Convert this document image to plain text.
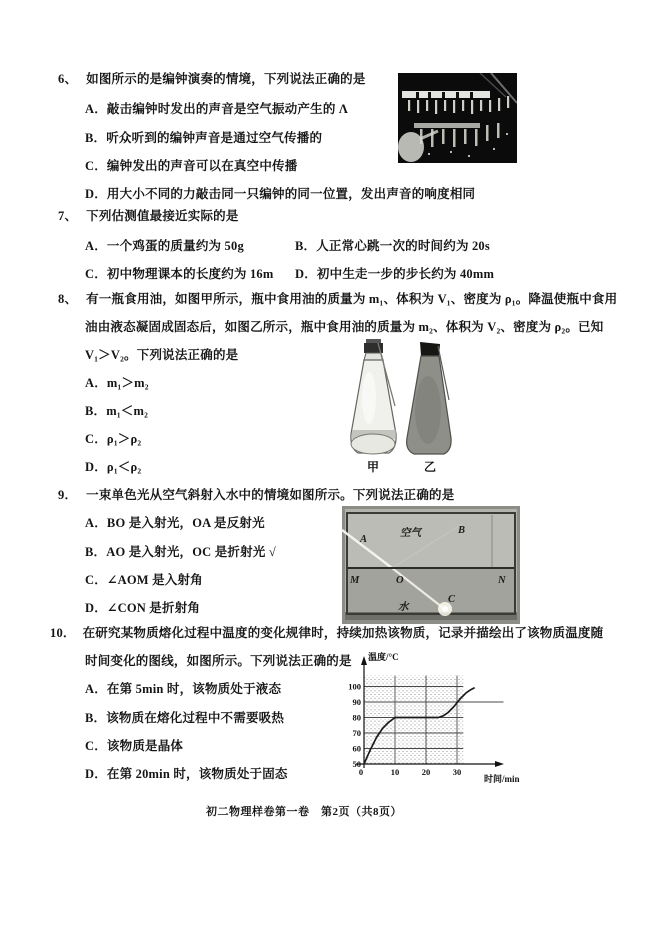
6、 如图所示的是编钟演奏的情境，下列说法正确的是
A．敲击编钟时发出的声音是空气振动产生的 Λ
B．听众听到的编钟声音是通过空气传播的
C．编钟发出的声音可以在真空中传播
D．用大小不同的力敲击同一只编钟的同一位置，发出声音的响度相同
7、 下列估测值最接近实际的是
A．一个鸡蛋的质量约为 50g	B．人正常心跳一次的时间约为 20s
C．初中物理课本的长度约为 16m D．初中生走一步的步长约为 40mm
8、 有一瓶食用油，如图甲所示，瓶中食用油的质量为 m₁、体积为 V₁、密度为 ρ₁。降温使瓶中食用
油由液态凝固成固态后，如图乙所示，瓶中食用油的质量为 m₂、体积为 V₂、密度为 ρ₂。已知
V₁＞V₂。下列说法正确的是
A．m₁＞m₂
B．m₁＜m₂
C．ρ₁＞ρ₂
D．ρ₁＜ρ₂	甲	乙
9． 一束单色光从空气斜射入水中的情境如图所示。下列说法正确的是
A．BO 是入射光，OA 是反射光
B．AO 是入射光，OC 是折射光 √
C．∠AOM 是入射角
D．∠CON 是折射角
A
空气	B
M	O	N
水
C
10． 在研究某物质熔化过程中温度的变化规律时，持续加热该物质，记录并描绘出了该物质温度随
时间变化的图线，如图所示。下列说法正确的是
A．在第 5min 时，该物质处于液态
B．该物质在熔化过程中不需要吸热
C．该物质是晶体
D．在第 20min 时，该物质处于固态
50
60
70
80
90
100
0	10	20	30
温度/°C
时间/min
初二物理样卷第一卷　第2页（共8页）
